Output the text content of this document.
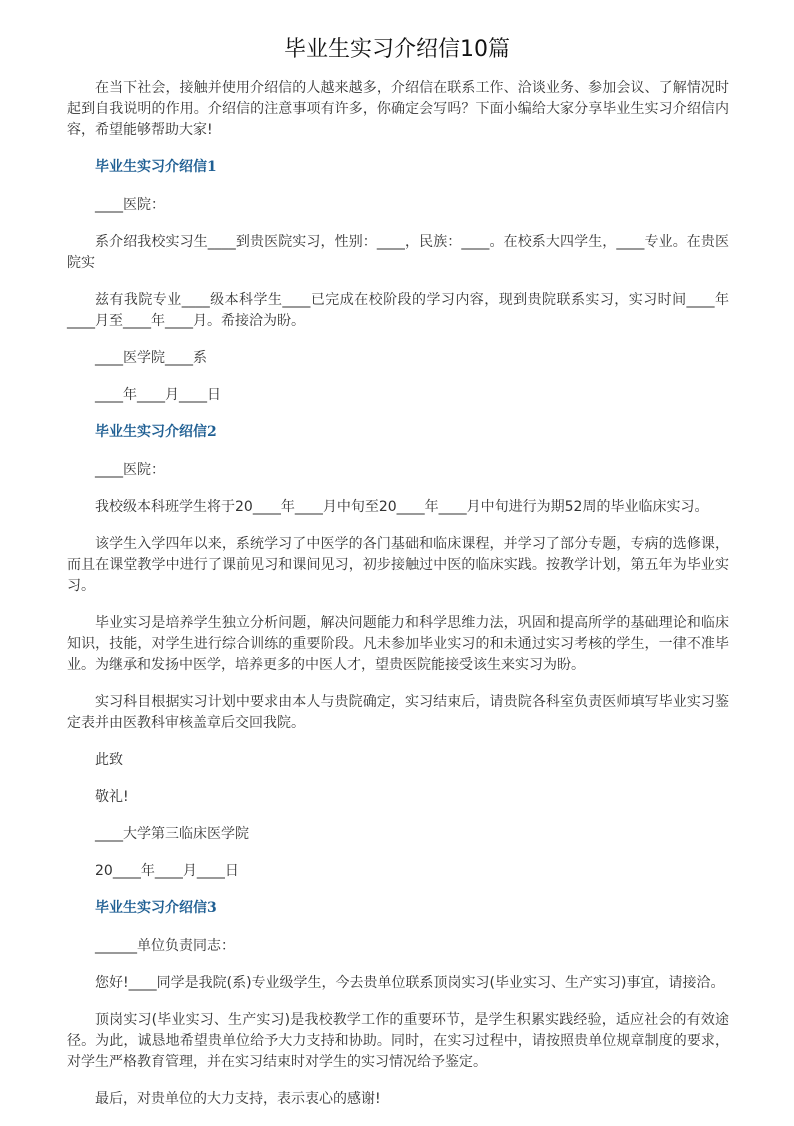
毕业生实习介绍信10篇

在当下社会，接触并使用介绍信的人越来越多，介绍信在联系工作、洽谈业务、参加会议、了解情况时起到自我说明的作用。介绍信的注意事项有许多，你确定会写吗？下面小编给大家分享毕业生实习介绍信内容，希望能够帮助大家!

毕业生实习介绍信1

____医院：

系介绍我校实习生____到贵医院实习，性别：____，民族：____。在校系大四学生，____专业。在贵医院实

兹有我院专业____级本科学生____已完成在校阶段的学习内容，现到贵院联系实习，实习时间____年____月至____年____月。希接洽为盼。

____医学院____系

____年____月____日

毕业生实习介绍信2

____医院：

我校级本科班学生将于20____年____月中旬至20____年____月中旬进行为期52周的毕业临床实习。

该学生入学四年以来，系统学习了中医学的各门基础和临床课程，并学习了部分专题，专病的选修课，而且在课堂教学中进行了课前见习和课间见习，初步接触过中医的临床实践。按教学计划，第五年为毕业实习。

毕业实习是培养学生独立分析问题，解决问题能力和科学思维力法，巩固和提高所学的基础理论和临床知识，技能，对学生进行综合训练的重要阶段。凡未参加毕业实习的和未通过实习考核的学生，一律不准毕业。为继承和发扬中医学，培养更多的中医人才，望贵医院能接受该生来实习为盼。

实习科目根据实习计划中要求由本人与贵院确定，实习结束后，请贵院各科室负责医师填写毕业实习鉴定表并由医教科审核盖章后交回我院。

此致

敬礼!

____大学第三临床医学院

20____年____月____日

毕业生实习介绍信3

______单位负责同志：

您好!____同学是我院(系)专业级学生，今去贵单位联系顶岗实习(毕业实习、生产实习)事宜，请接洽。

顶岗实习(毕业实习、生产实习)是我校教学工作的重要环节，是学生积累实践经验，适应社会的有效途径。为此，诚恳地希望贵单位给予大力支持和协助。同时，在实习过程中，请按照贵单位规章制度的要求，对学生严格教育管理，并在实习结束时对学生的实习情况给予鉴定。

最后，对贵单位的大力支持，表示衷心的感谢!
